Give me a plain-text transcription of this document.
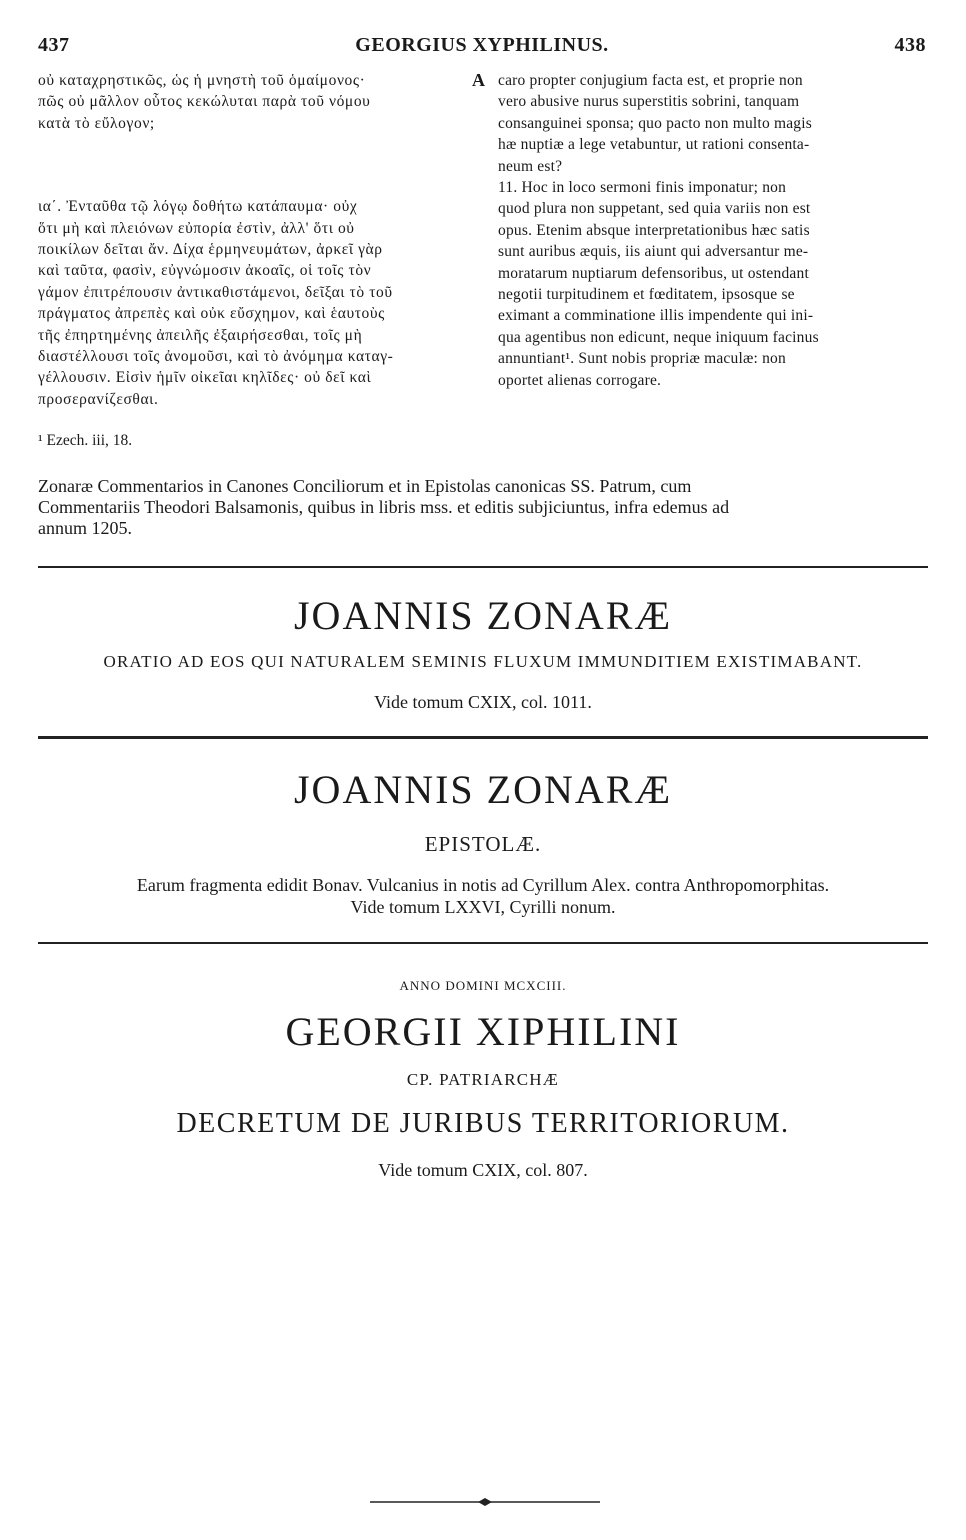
437	GEORGIUS XYPHILINUS.	438

οὐ καταχρηστικῶς, ὡς ἡ μνηστὴ τοῦ ὁμαίμονος·
πῶς οὐ μᾶλλον οὗτος κεκώλυται παρὰ τοῦ νόμου
κατὰ τὸ εὔλογον;

ια΄. Ἐνταῦθα τῷ λόγῳ δοθήτω κατάπαυμα· οὐχ
ὅτι μὴ καὶ πλειόνων εὐπορία ἐστὶν, ἀλλ' ὅτι οὐ
ποικίλων δεῖται ἄν. Δίχα ἑρμηνευμάτων, ἀρκεῖ γὰρ
καὶ ταῦτα, φασὶν, εὐγνώμοσιν ἀκοαῖς, οἱ τοῖς τὸν
γάμον ἐπιτρέπουσιν ἀντικαθιστάμενοι, δεῖξαι τὸ τοῦ
πράγματος ἀπρεπὲς καὶ οὐκ εὔσχημον, καὶ ἑαυτοὺς
τῆς ἐπηρτημένης ἀπειλῆς ἐξαιρήσεσθαι, τοῖς μὴ
διαστέλλουσι τοῖς ἀνομοῦσι, καὶ τὸ ἀνόμημα καταγ-
γέλλουσιν. Εἰσὶν ἡμῖν οἰκεῖαι κηλῖδες· οὐ δεῖ καὶ
προσεραvίζεσθαι.

A caro propter conjugium facta est, et proprie non
vero abusive nurus superstitis sobrini, tanquam
consanguinei sponsa; quo pacto non multo magis
hæ nuptiæ a lege vetabuntur, ut rationi consenta-
neum est?

11. Hoc in loco sermoni finis imponatur; non
quod plura non suppetant, sed quia variis non est
opus. Etenim absque interpretationibus hæc satis
sunt auribus æquis, iis aiunt qui adversantur me-
moratarum nuptiarum defensoribus, ut ostendant
negotii turpitudinem et fœditatem, ipsosque se
eximant a comminatione illis impendente qui ini-
qua agentibus non edicunt, neque iniquum facinus
annuntiant¹. Sunt nobis propriæ maculæ: non
oportet alienas corrogare.

¹ Ezech. iii, 18.
Zonaræ Commentarios in Canones Conciliorum et in Epistolas canonicas SS. Patrum, cum
Commentariis Theodori Balsamonis, quibus in libris mss. et editis subjiciuntus, infra edemus ad
annum 1205.
JOANNIS ZONARÆ
ORATIO AD EOS QUI NATURALEM SEMINIS FLUXUM IMMUNDITIEM EXISTIMABANT.
Vide tomum CXIX, col. 1011.
JOANNIS ZONARÆ
EPISTOLÆ.
Earum fragmenta edidit Bonav. Vulcanius in notis ad Cyrillum Alex. contra Anthropomorphitas.
Vide tomum LXXVI, Cyrilli nonum.
ANNO DOMINI MCXCIII.
GEORGII XIPHILINI
CP. PATRIARCHÆ
DECRETUM DE JURIBUS TERRITORIORUM.
Vide tomum CXIX, col. 807.
